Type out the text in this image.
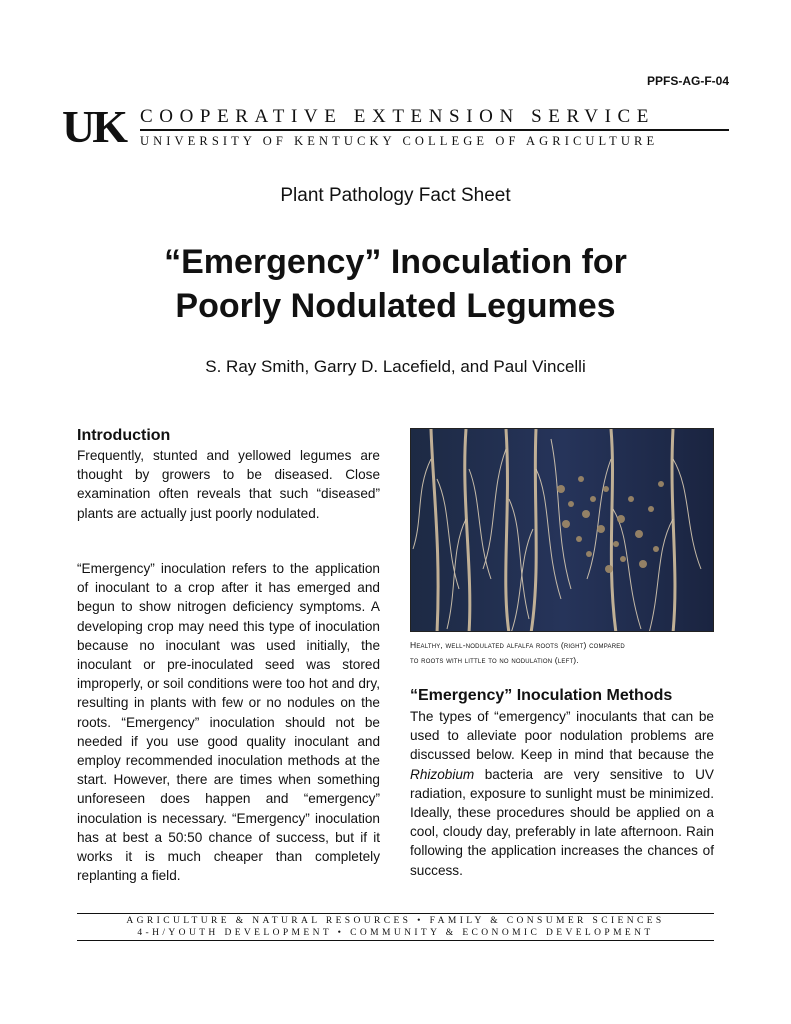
PPFS-AG-F-04
UK COOPERATIVE EXTENSION SERVICE
UNIVERSITY OF KENTUCKY COLLEGE OF AGRICULTURE
Plant Pathology Fact Sheet
“Emergency” Inoculation for
Poorly Nodulated Legumes
S. Ray Smith, Garry D. Lacefield, and Paul Vincelli
Introduction
Frequently, stunted and yellowed legumes are thought by growers to be diseased. Close examination often reveals that such “diseased” plants are actually just poorly nodulated.
“Emergency” inoculation refers to the application of inoculant to a crop after it has emerged and begun to show nitrogen deficiency symptoms. A developing crop may need this type of inoculation because no inoculant was used initially, the inoculant or pre-inoculated seed was stored improperly, or soil conditions were too hot and dry, resulting in plants with few or no nodules on the roots. “Emergency” inoculation should not be needed if you use good quality inoculant and employ recommended inoculation methods at the start. However, there are times when something unforeseen does happen and “emergency” inoculation is necessary. “Emergency” inoculation has at best a 50:50 chance of success, but if it works it is much cheaper than completely replanting a field.
Healthy, well-nodulated alfalfa roots (right) compared
to roots with little to no nodulation (left).
“Emergency” Inoculation Methods
The types of “emergency” inoculants that can be used to alleviate poor nodulation problems are discussed below. Keep in mind that because the Rhizobium bacteria are very sensitive to UV radiation, exposure to sunlight must be minimized. Ideally, these procedures should be applied on a cool, cloudy day, preferably in late afternoon. Rain following the application increases the chances of success.
AGRICULTURE & NATURAL RESOURCES • FAMILY & CONSUMER SCIENCES
4-H/YOUTH DEVELOPMENT • COMMUNITY & ECONOMIC DEVELOPMENT
